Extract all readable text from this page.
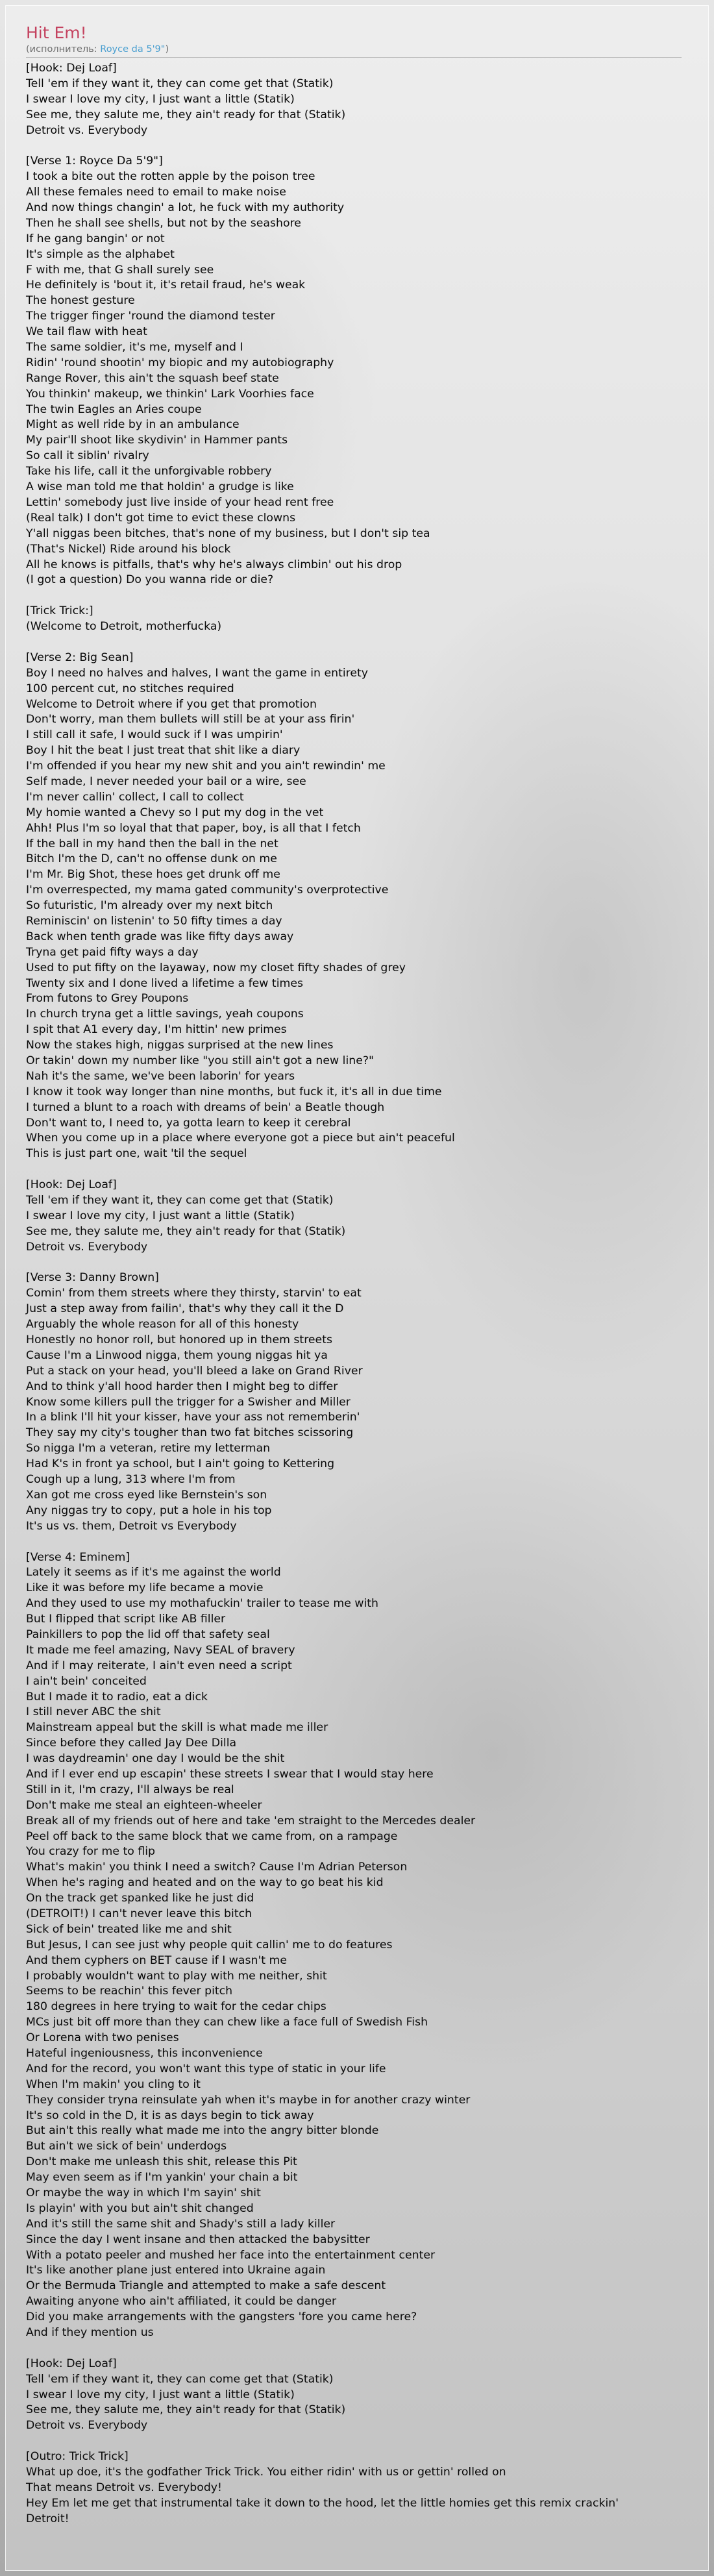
Hit Em!
(исполнитель: Royce da 5'9")
[Hook: Dej Loaf]
Tell 'em if they want it, they can come get that (Statik)
I swear I love my city, I just want a little (Statik)
See me, they salute me, they ain't ready for that (Statik)
Detroit vs. Everybody

[Verse 1: Royce Da 5'9"]
I took a bite out the rotten apple by the poison tree
All these females need to email to make noise
And now things changin' a lot, he fuck with my authority
Then he shall see shells, but not by the seashore
If he gang bangin' or not
It's simple as the alphabet
F with me, that G shall surely see
He definitely is 'bout it, it's retail fraud, he's weak
The honest gesture
The trigger finger 'round the diamond tester
We tail flaw with heat
The same soldier, it's me, myself and I
Ridin' 'round shootin' my biopic and my autobiography
Range Rover, this ain't the squash beef state
You thinkin' makeup, we thinkin' Lark Voorhies face
The twin Eagles an Aries coupe
Might as well ride by in an ambulance
My pair'll shoot like skydivin' in Hammer pants
So call it siblin' rivalry
Take his life, call it the unforgivable robbery
A wise man told me that holdin' a grudge is like
Lettin' somebody just live inside of your head rent free
(Real talk) I don't got time to evict these clowns
Y'all niggas been bitches, that's none of my business, but I don't sip tea
(That's Nickel) Ride around his block
All he knows is pitfalls, that's why he's always climbin' out his drop
(I got a question) Do you wanna ride or die?

[Trick Trick:]
(Welcome to Detroit, motherfucka)

[Verse 2: Big Sean]
Boy I need no halves and halves, I want the game in entirety
100 percent cut, no stitches required
Welcome to Detroit where if you get that promotion
Don't worry, man them bullets will still be at your ass firin'
I still call it safe, I would suck if I was umpirin'
Boy I hit the beat I just treat that shit like a diary
I'm offended if you hear my new shit and you ain't rewindin' me
Self made, I never needed your bail or a wire, see
I'm never callin' collect, I call to collect
My homie wanted a Chevy so I put my dog in the vet
Ahh! Plus I'm so loyal that that paper, boy, is all that I fetch
If the ball in my hand then the ball in the net
Bitch I'm the D, can't no offense dunk on me
I'm Mr. Big Shot, these hoes get drunk off me
I'm overrespected, my mama gated community's overprotective
So futuristic, I'm already over my next bitch
Reminiscin' on listenin' to 50 fifty times a day
Back when tenth grade was like fifty days away
Tryna get paid fifty ways a day
Used to put fifty on the layaway, now my closet fifty shades of grey
Twenty six and I done lived a lifetime a few times
From futons to Grey Poupons
In church tryna get a little savings, yeah coupons
I spit that A1 every day, I'm hittin' new primes
Now the stakes high, niggas surprised at the new lines
Or takin' down my number like "you still ain't got a new line?"
Nah it's the same, we've been laborin' for years
I know it took way longer than nine months, but fuck it, it's all in due time
I turned a blunt to a roach with dreams of bein' a Beatle though
Don't want to, I need to, ya gotta learn to keep it cerebral
When you come up in a place where everyone got a piece but ain't peaceful
This is just part one, wait 'til the sequel

[Hook: Dej Loaf]
Tell 'em if they want it, they can come get that (Statik)
I swear I love my city, I just want a little (Statik)
See me, they salute me, they ain't ready for that (Statik)
Detroit vs. Everybody

[Verse 3: Danny Brown]
Comin' from them streets where they thirsty, starvin' to eat
Just a step away from failin', that's why they call it the D
Arguably the whole reason for all of this honesty
Honestly no honor roll, but honored up in them streets
Cause I'm a Linwood nigga, them young niggas hit ya
Put a stack on your head, you'll bleed a lake on Grand River
And to think y'all hood harder then I might beg to differ
Know some killers pull the trigger for a Swisher and Miller
In a blink I'll hit your kisser, have your ass not rememberin'
They say my city's tougher than two fat bitches scissoring
So nigga I'm a veteran, retire my letterman
Had K's in front ya school, but I ain't going to Kettering
Cough up a lung, 313 where I'm from
Xan got me cross eyed like Bernstein's son
Any niggas try to copy, put a hole in his top
It's us vs. them, Detroit vs Everybody

[Verse 4: Eminem]
Lately it seems as if it's me against the world
Like it was before my life became a movie
And they used to use my mothafuckin' trailer to tease me with
But I flipped that script like AB filler
Painkillers to pop the lid off that safety seal
It made me feel amazing, Navy SEAL of bravery
And if I may reiterate, I ain't even need a script
I ain't bein' conceited
But I made it to radio, eat a dick
I still never ABC the shit
Mainstream appeal but the skill is what made me iller
Since before they called Jay Dee Dilla
I was daydreamin' one day I would be the shit
And if I ever end up escapin' these streets I swear that I would stay here
Still in it, I'm crazy, I'll always be real
Don't make me steal an eighteen-wheeler
Break all of my friends out of here and take 'em straight to the Mercedes dealer
Peel off back to the same block that we came from, on a rampage
You crazy for me to flip
What's makin' you think I need a switch? Cause I'm Adrian Peterson
When he's raging and heated and on the way to go beat his kid
On the track get spanked like he just did
(DETROIT!) I can't never leave this bitch
Sick of bein' treated like me and shit
But Jesus, I can see just why people quit callin' me to do features
And them cyphers on BET cause if I wasn't me
I probably wouldn't want to play with me neither, shit
Seems to be reachin' this fever pitch
180 degrees in here trying to wait for the cedar chips
MCs just bit off more than they can chew like a face full of Swedish Fish
Or Lorena with two penises
Hateful ingeniousness, this inconvenience
And for the record, you won't want this type of static in your life
When I'm makin' you cling to it
They consider tryna reinsulate yah when it's maybe in for another crazy winter
It's so cold in the D, it is as days begin to tick away
But ain't this really what made me into the angry bitter blonde
But ain't we sick of bein' underdogs
Don't make me unleash this shit, release this Pit
May even seem as if I'm yankin' your chain a bit
Or maybe the way in which I'm sayin' shit
Is playin' with you but ain't shit changed
And it's still the same shit and Shady's still a lady killer
Since the day I went insane and then attacked the babysitter
With a potato peeler and mushed her face into the entertainment center
It's like another plane just entered into Ukraine again
Or the Bermuda Triangle and attempted to make a safe descent
Awaiting anyone who ain't affiliated, it could be danger
Did you make arrangements with the gangsters 'fore you came here?
And if they mention us

[Hook: Dej Loaf]
Tell 'em if they want it, they can come get that (Statik)
I swear I love my city, I just want a little (Statik)
See me, they salute me, they ain't ready for that (Statik)
Detroit vs. Everybody

[Outro: Trick Trick]
What up doe, it's the godfather Trick Trick. You either ridin' with us or gettin' rolled on
That means Detroit vs. Everybody!
Hey Em let me get that instrumental take it down to the hood, let the little homies get this remix crackin'
Detroit!
